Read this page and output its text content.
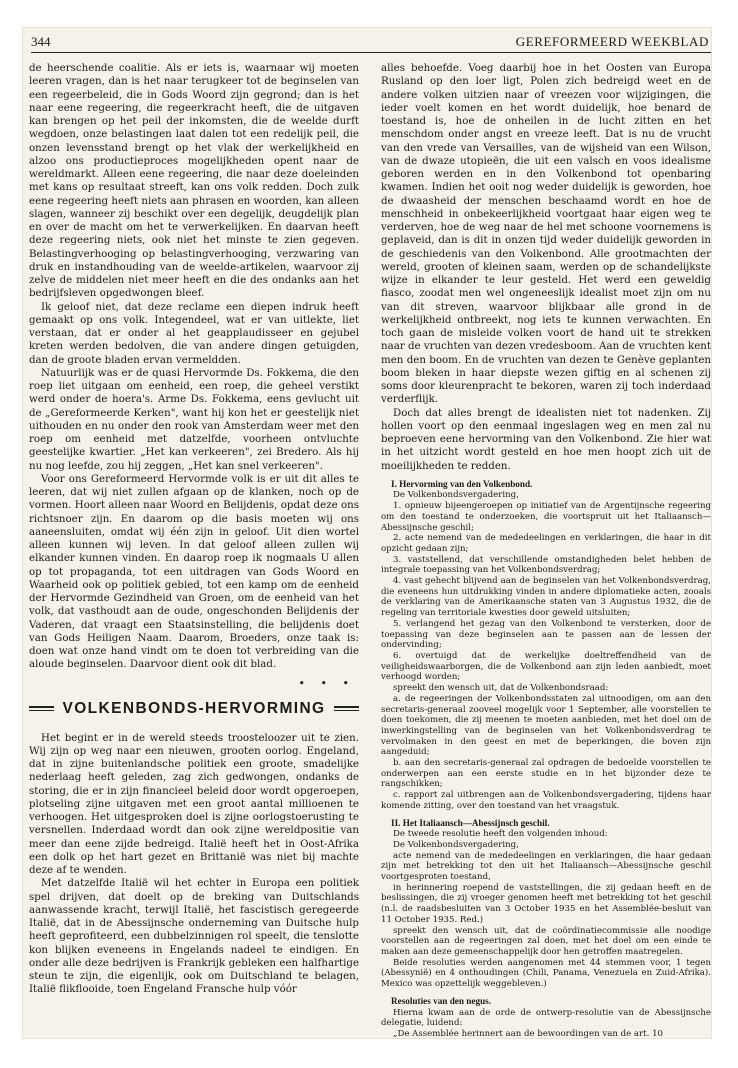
344	GEREFORMEERD WEEKBLAD

de heerschende coalitie. Als er iets is, waarnaar wij moeten leeren vragen, dan is het naar terugkeer tot de beginselen van een regeerbeleid, die in Gods Woord zijn gegrond; dan is het naar eene regeering, die regeerkracht heeft, die de uitgaven kan brengen op het peil der inkomsten, die de weelde durft wegdoen, onze belastingen laat dalen tot een redelijk peil, die onzen levensstand brengt op het vlak der werkelijkheid en alzoo ons productieproces mogelijkheden opent naar de wereldmarkt. Alleen eene regeering, die naar deze doeleinden met kans op resultaat streeft, kan ons volk redden. Doch zulk eene regeering heeft niets aan phrasen en woorden, kan alleen slagen, wanneer zij beschikt over een degelijk, deugdelijk plan en over de macht om het te verwerkelijken. En daarvan heeft deze regeering niets, ook niet het minste te zien gegeven. Belastingverhooging op belastingverhooging, verzwaring van druk en instandhouding van de weelde-artikelen, waarvoor zij zelve de middelen niet meer heeft en die des ondanks aan het bedrijfsleven opgedwongen bleef.

Ik geloof niet, dat deze reclame een diepen indruk heeft gemaakt op ons volk. Integendeel, wat er van uitlekte, liet verstaan, dat er onder al het geapplaudisseer en gejubel kreten werden bedolven, die van andere dingen getuigden, dan de groote bladen ervan vermeldden.

Natuurlijk was er de quasi Hervormde Ds. Fokkema, die den roep liet uitgaan om eenheid, een roep, die geheel verstikt werd onder de hoera's. Arme Ds. Fokkema, eens gevlucht uit de „Gereformeerde Kerken", want hij kon het er geestelijk niet uithouden en nu onder den rook van Amsterdam weer met den roep om eenheid met datzelfde, voorheen ontvluchte geestelijke kwartier. „Het kan verkeeren", zei Bredero. Als hij nu nog leefde, zou hij zeggen, „Het kan snel verkeeren".

Voor ons Gereformeerd Hervormde volk is er uit dit alles te leeren, dat wij niet zullen afgaan op de klanken, noch op de vormen. Hoort alleen naar Woord en Belijdenis, opdat deze ons richtsnoer zijn. En daarom op die basis moeten wij ons aaneensluiten, omdat wij één zijn in geloof. Uit dien wortel alleen kunnen wij leven. In dat geloof alleen zullen wij elkander kunnen vinden. En daarop roep ik nogmaals U allen op tot propaganda, tot een uitdragen van Gods Woord en Waarheid ook op politiek gebied, tot een kamp om de eenheid der Hervormde Gezindheid van Groen, om de eenheid van het volk, dat vasthoudt aan de oude, ongeschonden Belijdenis der Vaderen, dat vraagt een Staatsinstelling, die belijdenis doet van Gods Heiligen Naam. Daarom, Broeders, onze taak is: doen wat onze hand vindt om te doen tot verbreiding van die aloude beginselen. Daarvoor dient ook dit blad.

• • •
VOLKENBONDS-HERVORMING

Het begint er in de wereld steeds troosteloozer uit te zien. Wij zijn op weg naar een nieuwen, grooten oorlog. Engeland, dat in zijne buitenlandsche politiek een groote, smadelijke nederlaag heeft geleden, zag zich gedwongen, ondanks de storing, die er in zijn financieel beleid door wordt opgeroepen, plotseling zijne uitgaven met een groot aantal millioenen te verhoogen. Het uitgesproken doel is zijne oorlogstoerusting te versnellen. Inderdaad wordt dan ook zijne wereldpositie van meer dan eene zijde bedreigd. Italië heeft het in Oost-Afrika een dolk op het hart gezet en Brittanië was niet bij machte deze af te wenden.

Met datzelfde Italië wil het echter in Europa een politiek spel drijven, dat doelt op de breking van Duitschlands aanwassende kracht, terwijl Italië, het fascistisch geregeerde Italië, dat in de Abessijnsche onderneming van Duitsche hulp heeft geprofiteerd, een dubbelzinnigen rol speelt, die tenslotte kon blijken eveneens in Engelands nadeel te eindigen. En onder alle deze bedrijven is Frankrijk gebleken een halfhartige steun te zijn, die eigenlijk, ook om Duitschland te belagen, Italië flikflooide, toen Engeland Fransche hulp vóór

alles behoefde. Voeg daarbij hoe in het Oosten van Europa Rusland op den loer ligt, Polen zich bedreigd weet en de andere volken uitzien naar of vreezen voor wijzigingen, die ieder voelt komen en het wordt duidelijk, hoe benard de toestand is, hoe de onheilen in de lucht zitten en het menschdom onder angst en vreeze leeft. Dat is nu de vrucht van den vrede van Versailles, van de wijsheid van een Wilson, van de dwaze utopieën, die uit een valsch en voos idealisme geboren werden en in den Volkenbond tot openbaring kwamen. Indien het ooit nog weder duidelijk is geworden, hoe de dwaasheid der menschen beschaamd wordt en hoe de menschheid in onbekeerlijkheid voortgaat haar eigen weg te verderven, hoe de weg naar de hel met schoone voornemens is geplaveid, dan is dit in onzen tijd weder duidelijk geworden in de geschiedenis van den Volkenbond. Alle grootmachten der wereld, grooten of kleinen saam, werden op de schandelijkste wijze in elkander te leur gesteld. Het werd een geweldig fiasco, zoodat men wel ongeneeslijk idealist moet zijn om nu van dit streven, waarvoor blijkbaar alle grond in de werkelijkheid ontbreekt, nog iets te kunnen verwachten. En toch gaan de misleide volken voort de hand uit te strekken naar de vruchten van dezen vredesboom. Aan de vruchten kent men den boom. En de vruchten van dezen te Genève geplanten boom bleken in haar diepste wezen giftig en al schenen zij soms door kleurenpracht te bekoren, waren zij toch inderdaad verderflijk.

Doch dat alles brengt de idealisten niet tot nadenken. Zij hollen voort op den eenmaal ingeslagen weg en men zal nu beproeven eene hervorming van den Volkenbond. Zie hier wat in het uitzicht wordt gesteld en hoe men hoopt zich uit de moeilijkheden te redden.

I. Hervorming van den Volkenbond.

De Volkenbondsvergadering,

1. opnieuw bijeengeroepen op initiatief van de Argentijnsche regeering om den toestand te onderzoeken, die voortspruit uit het Italiaansch—Abessijnsche geschil;

2. acte nemend van de mededeelingen en verklaringen, die haar in dit opzicht gedaan zijn;

3. vaststellend, dat verschillende omstandigheden belet hebben de integrale toepassing van het Volkenbondsverdrag;

4. vast gehecht blijvend aan de beginselen van het Volkenbondsverdrag, die eveneens hun uitdrukking vinden in andere diplomatieke acten, zooals de verklaring van de Amerikaansche staten van 3 Augustus 1932, die de regeling van territoriale kwesties door geweld uitsluiten;

5. verlangend het gezag van den Volkenbond te versterken, door de toepassing van deze beginselen aan te passen aan de lessen der ondervinding;

6. overtuigd dat de werkelijke doeltreffendheid van de veiligheidswaarborgen, die de Volkenbond aan zijn leden aanbiedt, moet verhoogd worden;

spreekt den wensch uit, dat de Volkenbondsraad:

a. de regeeringen der Volkenbondsstaten zal uitnoodigen, om aan den secretaris-generaal zooveel mogelijk voor 1 September, alle voorstellen te doen toekomen, die zij meenen te moeten aanbieden, met het doel om de inwerkingstelling van de beginselen van het Volkenbondsverdrag te vervolmaken in den geest en met de beperkingen, die boven zijn aangeduid;

b. aan den secretaris-generaal zal opdragen de bedoelde voorstellen te onderwerpen aan een eerste studie en in het bijzonder deze te rangschikken;

c. rapport zal uitbrengen aan de Volkenbondsvergadering, tijdens haar komende zitting, over den toestand van het vraagstuk.

II. Het Italiaansch—Abessijnsch geschil.

De tweede resolutie heeft den volgenden inhoud:

De Volkenbondsvergadering,

acte nemend van de mededeelingen en verklaringen, die haar gedaan zijn met betrekking tot den uit het Italiaansch—Abessijnsche geschil voortgesproten toestand,

in herinnering roepend de vaststellingen, die zij gedaan heeft en de beslissingen, die zij vroeger genomen heeft met betrekking tot het geschil (n.l. de raadsbesluiten van 3 October 1935 en het Assemblée-besluit van 11 October 1935. Red.)

spreekt den wensch uit, dat de coördinatiecommissie alle noodige voorstellen aan de regeeringen zal doen, met het doel om een einde te maken aan deze gemeenschappelijk door hen getroffen maatregelen.

Beide resoluties werden aangenomen met 44 stemmen voor, 1 tegen (Abessynië) en 4 onthoudingen (Chili, Panama, Venezuela en Zuid-Afrika). Mexico was opzettelijk weggebleven.)

Resoluties van den negus.

Hierna kwam aan de orde de ontwerp-resolutie van de Abessijnsche delegatie, luidend:

„De Assemblée herinnert aan de bewoordingen van de art. 10
